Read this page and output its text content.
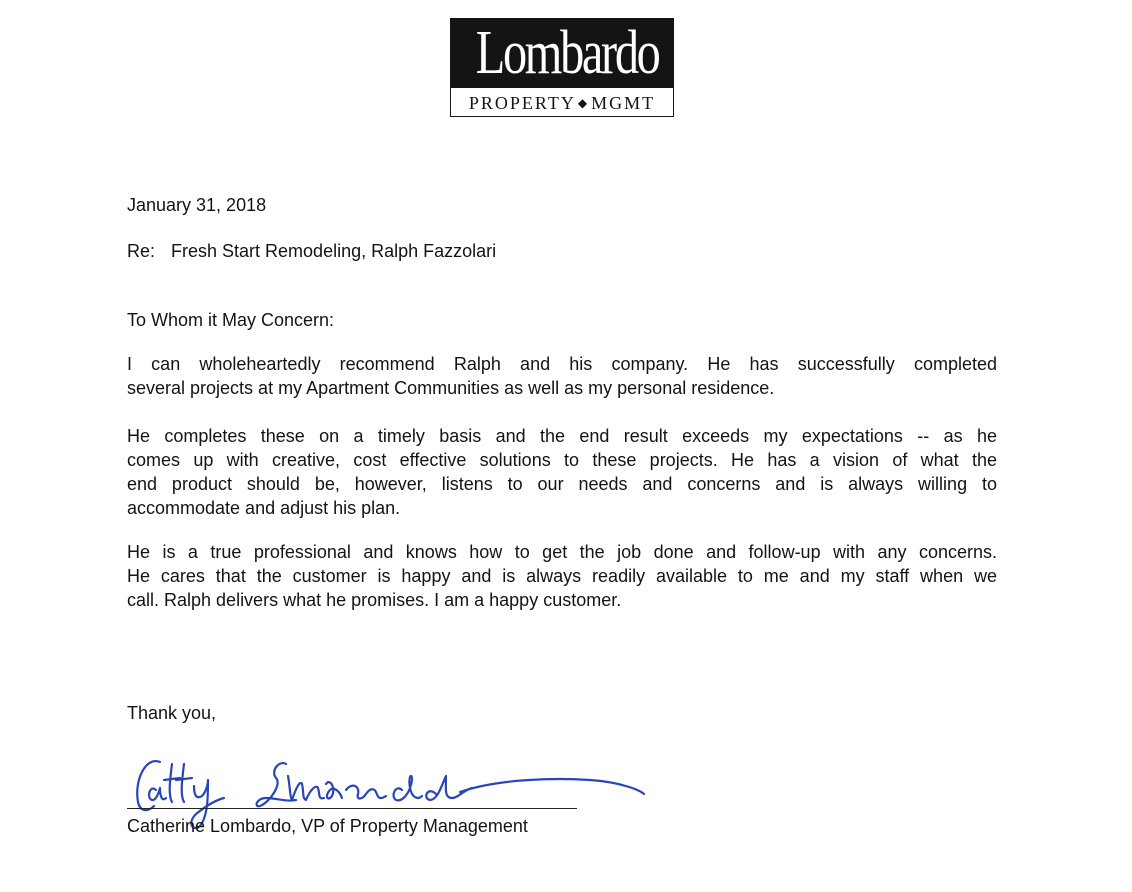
Lombardo
PROPERTY ◆ MGMT
January 31, 2018
Re: Fresh Start Remodeling, Ralph Fazzolari
To Whom it May Concern:
I can wholeheartedly recommend Ralph and his company. He has successfully completed
several projects at my Apartment Communities as well as my personal residence.
He completes these on a timely basis and the end result exceeds my expectations -- as he
comes up with creative, cost effective solutions to these projects. He has a vision of what the
end product should be, however, listens to our needs and concerns and is always willing to
accommodate and adjust his plan.
He is a true professional and knows how to get the job done and follow-up with any concerns.
He cares that the customer is happy and is always readily available to me and my staff when we
call. Ralph delivers what he promises. I am a happy customer.
Thank you,
Catherine Lombardo, VP of Property Management
